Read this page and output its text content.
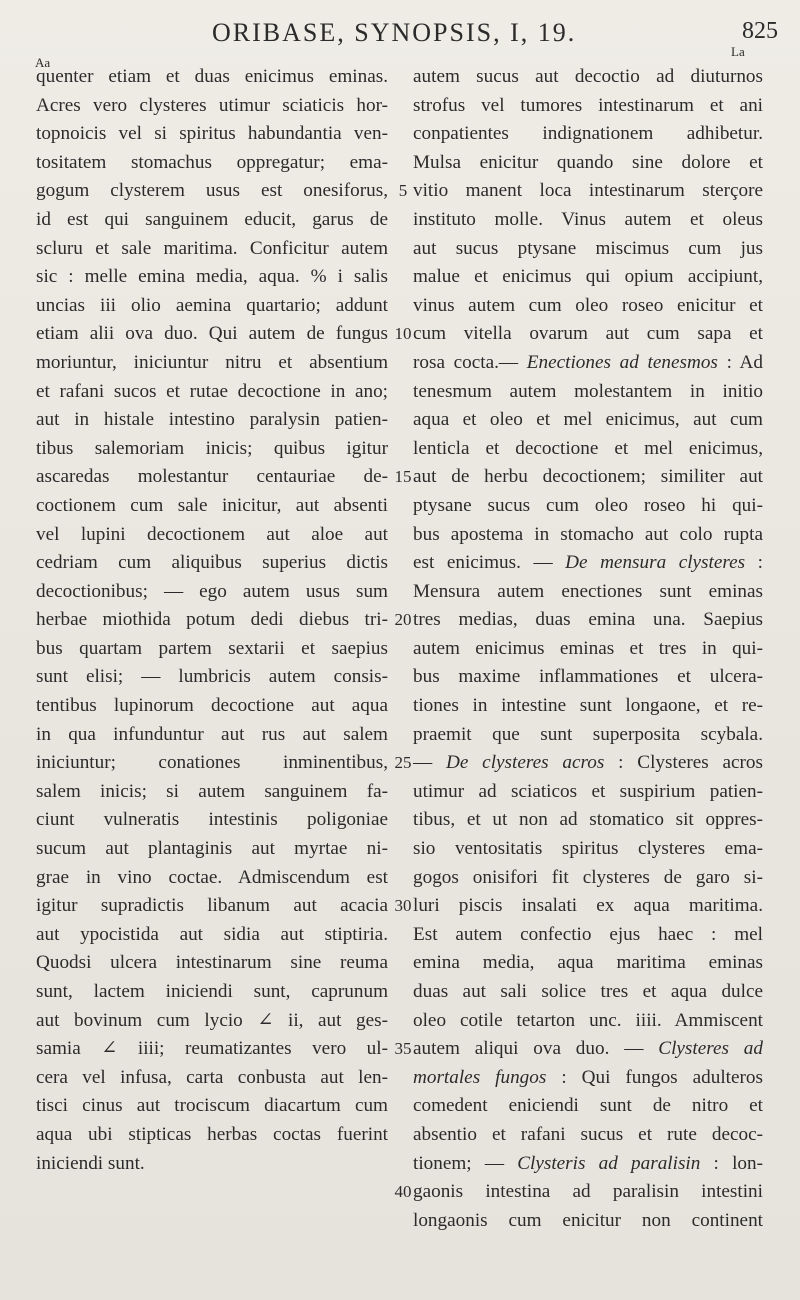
ORIBASE, SYNOPSIS, I, 19.	825
Aa
La
quenter etiam et duas enicimus eminas.
Acres vero clysteres utimur sciaticis hor-
topnoicis vel si spiritus habundantia ven-
tositatem stomachus oppregatur; ema-
gogum clysterem usus est onesiforus,
id est qui sanguinem educit, garus de
scluru et sale maritima. Conficitur autem
sic : melle emina media, aqua. % i salis
uncias iii olio aemina quartario; addunt
etiam alii ova duo. Qui autem de fungus
moriuntur, iniciuntur nitru et absentium
et rafani sucos et rutae decoctione in ano;
aut in histale intestino paralysin patien-
tibus salemoriam inicis; quibus igitur
ascaredas molestantur centauriae de-
coctionem cum sale inicitur, aut absenti
vel lupini decoctionem aut aloe aut
cedriam cum aliquibus superius dictis
decoctionibus; — ego autem usus sum
herbae miothida potum dedi diebus tri-
bus quartam partem sextarii et saepius
sunt elisi; — lumbricis autem consis-
tentibus lupinorum decoctione aut aqua
in qua infunduntur aut rus aut salem
iniciuntur; conationes inminentibus,
salem inicis; si autem sanguinem fa-
ciunt vulneratis intestinis poligoniae
sucum aut plantaginis aut myrtae ni-
grae in vino coctae. Admiscendum est
igitur supradictis libanum aut acacia
aut ypocistida aut sidia aut stiptiria.
Quodsi ulcera intestinarum sine reuma
sunt, lactem iniciendi sunt, caprunum
aut bovinum cum lycio ∠ ii, aut ges-
samia ∠ iiii; reumatizantes vero ul-
cera vel infusa, carta conbusta aut len-
tisci cinus aut trociscum diacartum cum
aqua ubi stipticas herbas coctas fuerint
iniciendi sunt.
5
10
15
20
25
30
35
40
autem sucus aut decoctio ad diuturnos
strofus vel tumores intestinarum et ani
conpatientes indignationem adhibetur.
Mulsa enicitur quando sine dolore et
vitio manent loca intestinarum sterçore
instituto molle. Vinus autem et oleus
aut sucus ptysane miscimus cum jus
malue et enicimus qui opium accipiunt,
vinus autem cum oleo roseo enicitur et
cum vitella ovarum aut cum sapa et
rosa cocta.— Enectiones ad tenesmos : Ad
tenesmum autem molestantem in initio
aqua et oleo et mel enicimus, aut cum
lenticla et decoctione et mel enicimus,
aut de herbu decoctionem; similiter aut
ptysane sucus cum oleo roseo hi qui-
bus apostema in stomacho aut colo rupta
est enicimus. — De mensura clysteres :
Mensura autem enectiones sunt eminas
tres medias, duas emina una. Saepius
autem enicimus eminas et tres in qui-
bus maxime inflammationes et ulcera-
tiones in intestine sunt longaone, et re-
praemit que sunt superposita scybala.
— De clysteres acros : Clysteres acros
utimur ad sciaticos et suspirium patien-
tibus, et ut non ad stomatico sit oppres-
sio ventositatis spiritus clysteres ema-
gogos onisifori fit clysteres de garo si-
luri piscis insalati ex aqua maritima.
Est autem confectio ejus haec : mel
emina media, aqua maritima eminas
duas aut sali solice tres et aqua dulce
oleo cotile tetarton unc. iiii. Ammiscent
autem aliqui ova duo. — Clysteres ad
mortales fungos : Qui fungos adulteros
comedent eniciendi sunt de nitro et
absentio et rafani sucus et rute decoc-
tionem; — Clysteris ad paralisin : lon-
gaonis intestina ad paralisin intestini
longaonis cum enicitur non continent
